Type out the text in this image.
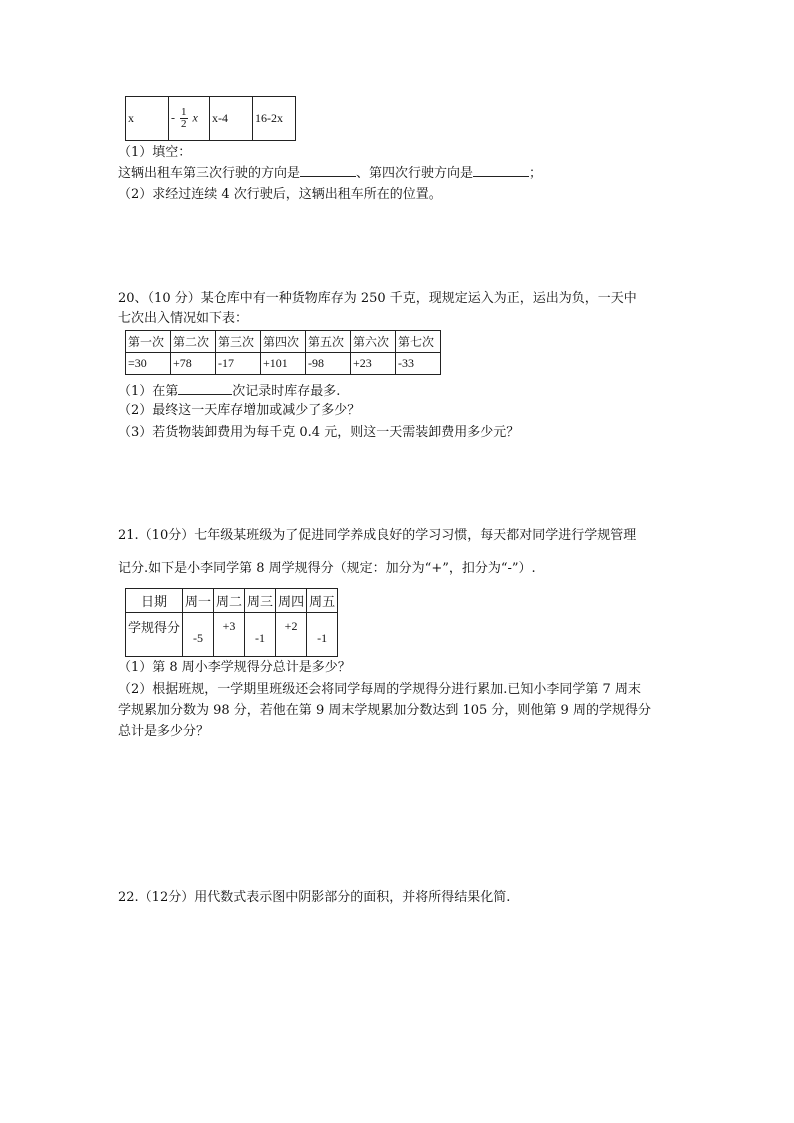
x	- $\frac{1}{2}$ x	x-4	16-2x
（1）填空：
这辆出租车第三次行驶的方向是	、第四次行驶方向是	；
（2）求经过连续 4 次行驶后，这辆出租车所在的位置。
20、（10 分）某仓库中有一种货物库存为 250 千克，现规定运入为正，运出为负，一天中
七次出入情况如下表：
第一次	第二次	第三次	第四次	第五次	第六次	第七次
=30	+78	-17	+101	-98	+23	-33
（1）在第	次记录时库存最多.
（2）最终这一天库存增加或减少了多少？
（3）若货物装卸费用为每千克 0.4 元，则这一天需装卸费用多少元？
21.（10分）七年级某班级为了促进同学养成良好的学习习惯，每天都对同学进行学规管理
记分.如下是小李同学第 8 周学规得分（规定：加分为“+”，扣分为“-”）.
日期	周一	周二	周三	周四	周五
学规得分	-5	+3	-1	+2	-1
（1）第 8 周小李学规得分总计是多少？
（2）根据班规，一学期里班级还会将同学每周的学规得分进行累加.已知小李同学第 7 周末
学规累加分数为 98 分，若他在第 9 周末学规累加分数达到 105 分，则他第 9 周的学规得分
总计是多少分？
22.（12分）用代数式表示图中阴影部分的面积，并将所得结果化简.
